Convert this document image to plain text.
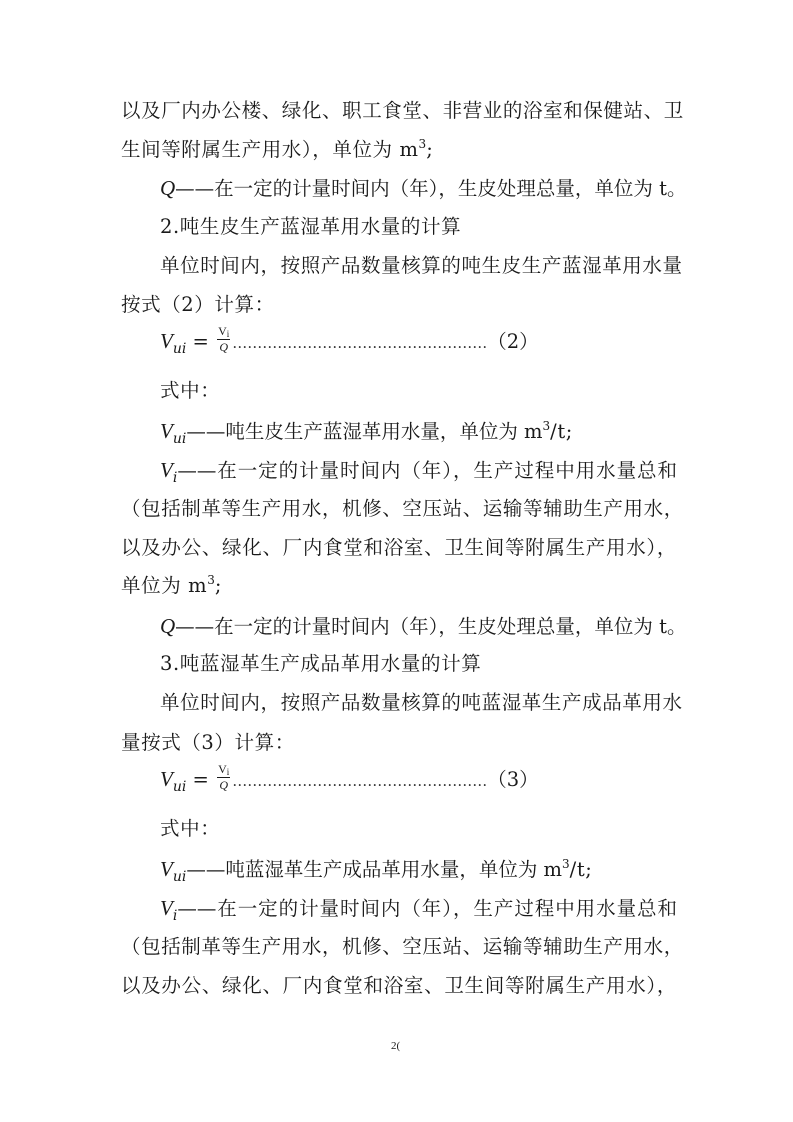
以及厂内办公楼、绿化、职工食堂、非营业的浴室和保健站、卫
生间等附属生产用水），单位为 $m^3$;
Q——在一定的计量时间内（年），生皮处理总量，单位为 t。
2.吨生皮生产蓝湿革用水量的计算
单位时间内，按照产品数量核算的吨生皮生产蓝湿革用水量
按式（2）计算：
$V_{ui} = \frac{Vi}{Q}$ ……………………………………………（2）
式中：
$V_{ui}——$吨生皮生产蓝湿革用水量，单位为 $m^3/t$;
$V_i——$在一定的计量时间内（年），生产过程中用水量总和
（包括制革等生产用水，机修、空压站、运输等辅助生产用水，
以及办公、绿化、厂内食堂和浴室、卫生间等附属生产用水），
单位为 $m^3$;
Q——在一定的计量时间内（年），生皮处理总量，单位为 t。
3.吨蓝湿革生产成品革用水量的计算
单位时间内，按照产品数量核算的吨蓝湿革生产成品革用水
量按式（3）计算：
$V_{ui} = \frac{Vi}{Q}$ ……………………………………………（3）
式中：
$V_{ui}——$吨蓝湿革生产成品革用水量，单位为 $m^3/t$;
$V_i——$在一定的计量时间内（年），生产过程中用水量总和
（包括制革等生产用水，机修、空压站、运输等辅助生产用水，
以及办公、绿化、厂内食堂和浴室、卫生间等附属生产用水），
2(
